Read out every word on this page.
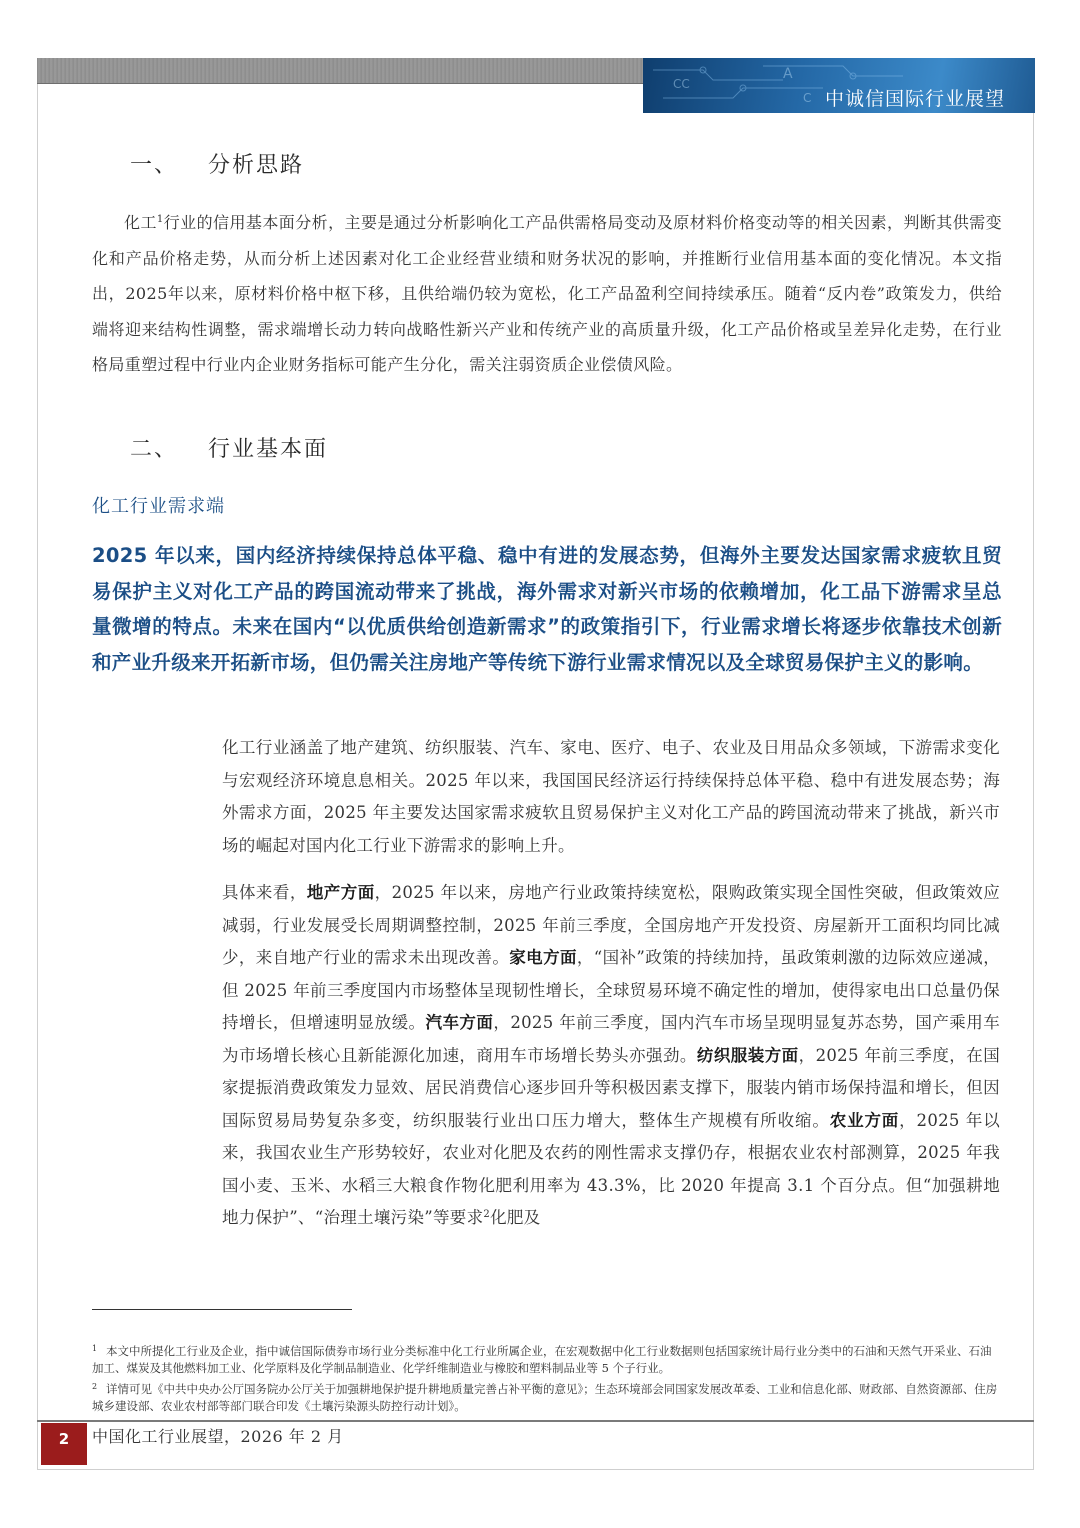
A
C
CC
中诚信国际行业展望
一、 分析思路

化工$^1$行业的信用基本面分析，主要是通过分析影响化工产品供需格局变动及原材料价格变动等的相关因素，判断其供需变化和产品价格走势，从而分析上述因素对化工企业经营业绩和财务状况的影响，并推断行业信用基本面的变化情况。本文指出，2025年以来，原材料价格中枢下移，且供给端仍较为宽松，化工产品盈利空间持续承压。随着“反内卷”政策发力，供给端将迎来结构性调整，需求端增长动力转向战略性新兴产业和传统产业的高质量升级，化工产品价格或呈差异化走势，在行业格局重塑过程中行业内企业财务指标可能产生分化，需关注弱资质企业偿债风险。

二、 行业基本面
化工行业需求端

2025 年以来，国内经济持续保持总体平稳、稳中有进的发展态势，但海外主要发达国家需求疲软且贸易保护主义对化工产品的跨国流动带来了挑战，海外需求对新兴市场的依赖增加，化工品下游需求呈总量微增的特点。未来在国内“以优质供给创造新需求”的政策指引下，行业需求增长将逐步依靠技术创新和产业升级来开拓新市场，但仍需关注房地产等传统下游行业需求情况以及全球贸易保护主义的影响。

化工行业涵盖了地产建筑、纺织服装、汽车、家电、医疗、电子、农业及日用品众多领域，下游需求变化与宏观经济环境息息相关。2025 年以来，我国国民经济运行持续保持总体平稳、稳中有进发展态势；海外需求方面，2025 年主要发达国家需求疲软且贸易保护主义对化工产品的跨国流动带来了挑战，新兴市场的崛起对国内化工行业下游需求的影响上升。

具体来看，地产方面，2025 年以来，房地产行业政策持续宽松，限购政策实现全国性突破，但政策效应减弱，行业发展受长周期调整控制，2025 年前三季度，全国房地产开发投资、房屋新开工面积均同比减少，来自地产行业的需求未出现改善。家电方面，“国补”政策的持续加持，虽政策刺激的边际效应递减，但 2025 年前三季度国内市场整体呈现韧性增长，全球贸易环境不确定性的增加，使得家电出口总量仍保持增长，但增速明显放缓。汽车方面，2025 年前三季度，国内汽车市场呈现明显复苏态势，国产乘用车为市场增长核心且新能源化加速，商用车市场增长势头亦强劲。纺织服装方面，2025 年前三季度，在国家提振消费政策发力显效、居民消费信心逐步回升等积极因素支撑下，服装内销市场保持温和增长，但因国际贸易局势复杂多变，纺织服装行业出口压力增大，整体生产规模有所收缩。农业方面，2025 年以来，我国农业生产形势较好，农业对化肥及农药的刚性需求支撑仍存，根据农业农村部测算，2025 年我国小麦、玉米、水稻三大粮食作物化肥利用率为 43.3%，比 2020 年提高 3.1 个百分点。但“加强耕地地力保护”、“治理土壤污染”等要求$^2$化肥及

1 本文中所提化工行业及企业，指中诚信国际债券市场行业分类标准中化工行业所属企业，在宏观数据中化工行业数据则包括国家统计局行业分类中的石油和天然气开采业、石油加工、煤炭及其他燃料加工业、化学原料及化学制品制造业、化学纤维制造业与橡胶和塑料制品业等 5 个子行业。

2 详情可见《中共中央办公厅国务院办公厅关于加强耕地保护提升耕地质量完善占补平衡的意见》；生态环境部会同国家发展改革委、工业和信息化部、财政部、自然资源部、住房城乡建设部、农业农村部等部门联合印发《土壤污染源头防控行动计划》。

2	中国化工行业展望，2026 年 2 月
